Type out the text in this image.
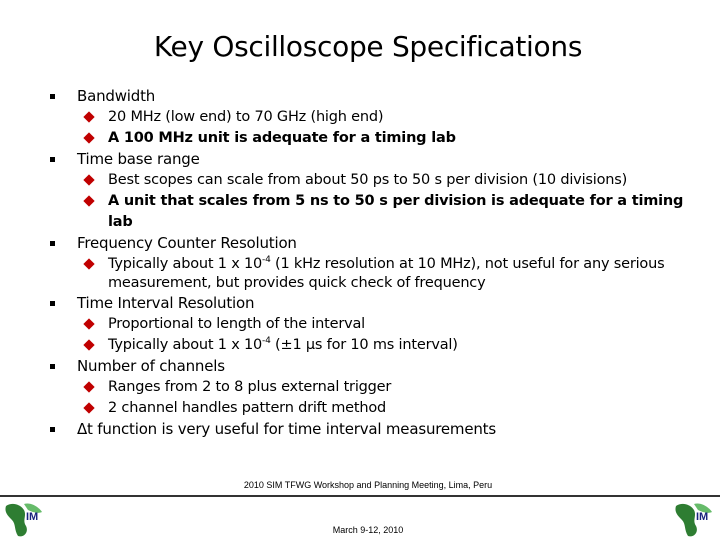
Key Oscilloscope Specifications
Bandwidth
20 MHz (low end) to 70 GHz (high end)
A 100 MHz unit is adequate for a timing lab
Time base range
Best scopes can scale from about 50 ps to 50 s per division (10 divisions)
A unit that scales from 5 ns to 50 s per division is adequate for a timing lab
Frequency Counter Resolution
Typically about 1 x $10^{-4}$ (1 kHz resolution at 10 MHz), not useful for any serious
measurement, but provides quick check of frequency
Time Interval Resolution
Proportional to length of the interval
Typically about 1 x $10^{-4}$ (±1 µs for 10 ms interval)
Number of channels
Ranges from 2 to 8 plus external trigger
2 channel handles pattern drift method
Δt function is very useful for time interval measurements
2010 SIM TFWG Workshop and Planning Meeting, Lima, Peru
March 9-12, 2010
IM	IM
